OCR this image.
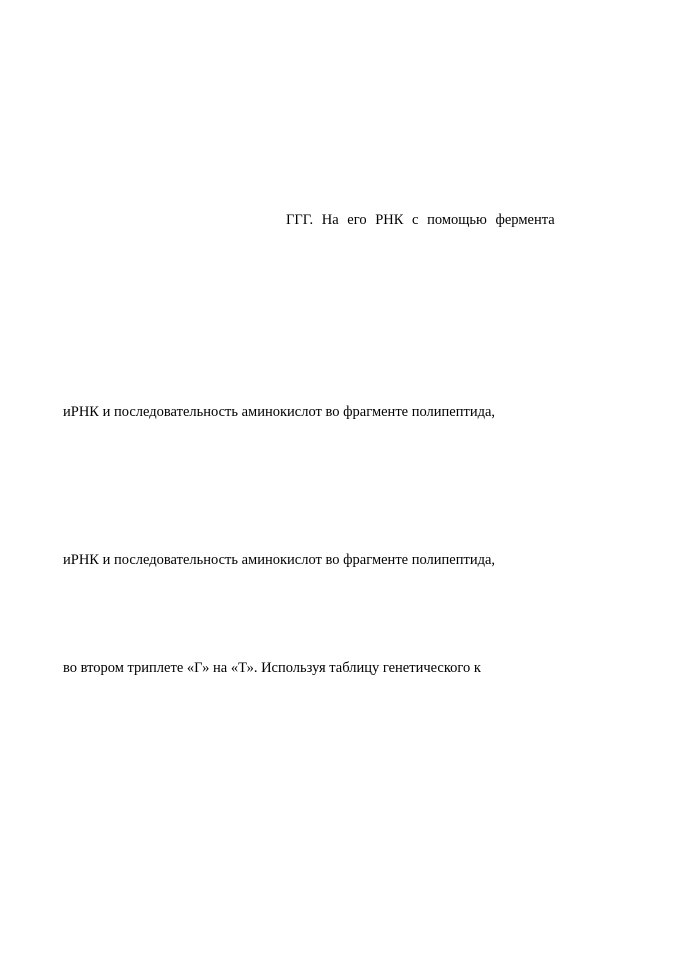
ГГГ. На его РНК с помощью фермента

иРНК и последовательность аминокислот во фрагменте полипептида,

иРНК и последовательность аминокислот во фрагменте полипептида,

во втором триплете «Г» на «Т». Используя таблицу генетического к
